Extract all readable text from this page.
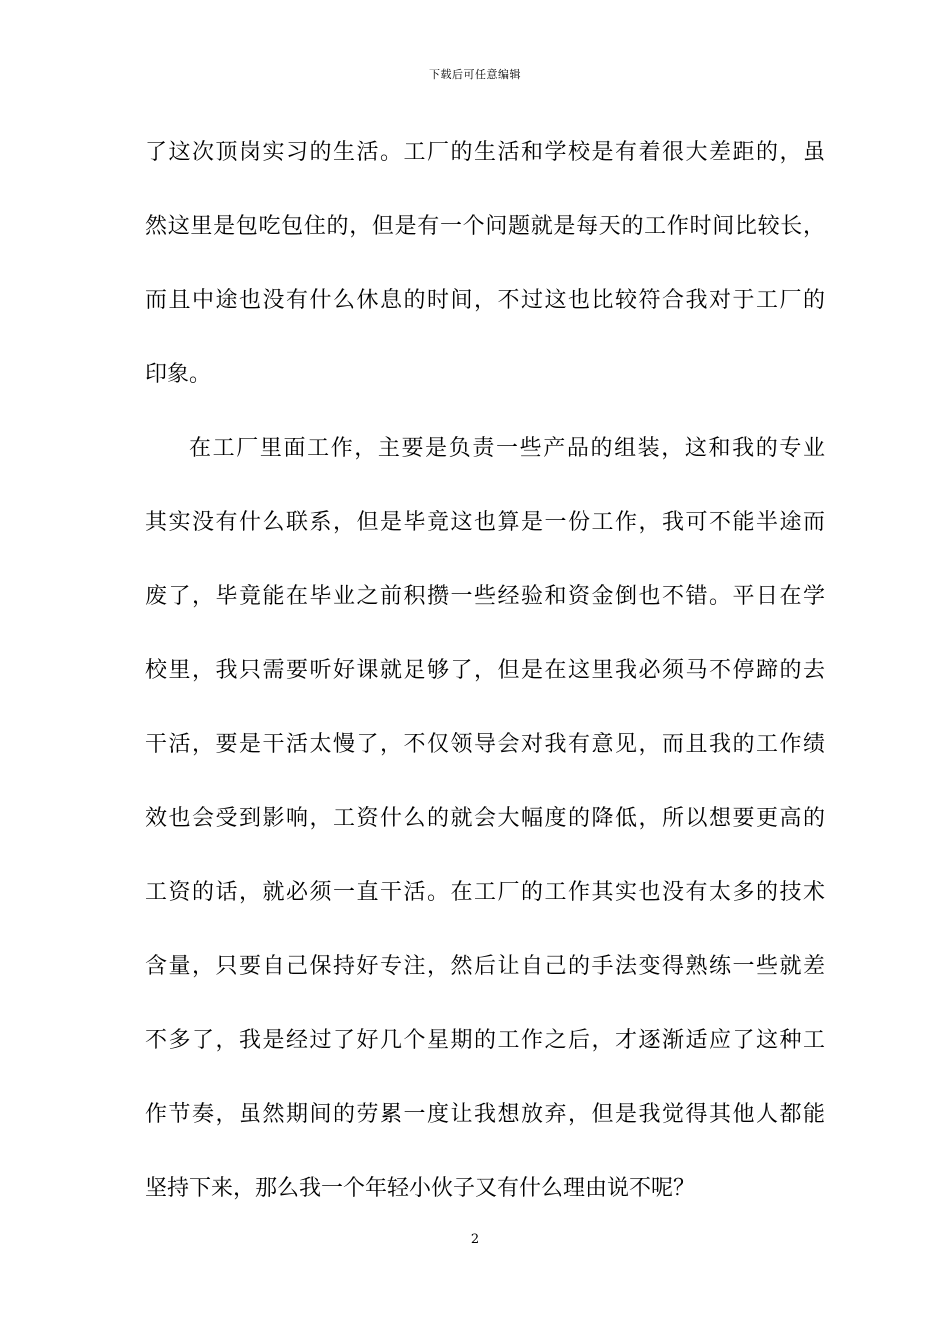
下载后可任意编辑
了这次顶岗实习的生活。工厂的生活和学校是有着很大差距的，虽
然这里是包吃包住的，但是有一个问题就是每天的工作时间比较长，
而且中途也没有什么休息的时间，不过这也比较符合我对于工厂的
印象。
在工厂里面工作，主要是负责一些产品的组装，这和我的专业
其实没有什么联系，但是毕竟这也算是一份工作，我可不能半途而
废了，毕竟能在毕业之前积攒一些经验和资金倒也不错。平日在学
校里，我只需要听好课就足够了，但是在这里我必须马不停蹄的去
干活，要是干活太慢了，不仅领导会对我有意见，而且我的工作绩
效也会受到影响，工资什么的就会大幅度的降低，所以想要更高的
工资的话，就必须一直干活。在工厂的工作其实也没有太多的技术
含量，只要自己保持好专注，然后让自己的手法变得熟练一些就差
不多了，我是经过了好几个星期的工作之后，才逐渐适应了这种工
作节奏，虽然期间的劳累一度让我想放弃，但是我觉得其他人都能
坚持下来，那么我一个年轻小伙子又有什么理由说不呢？
2
